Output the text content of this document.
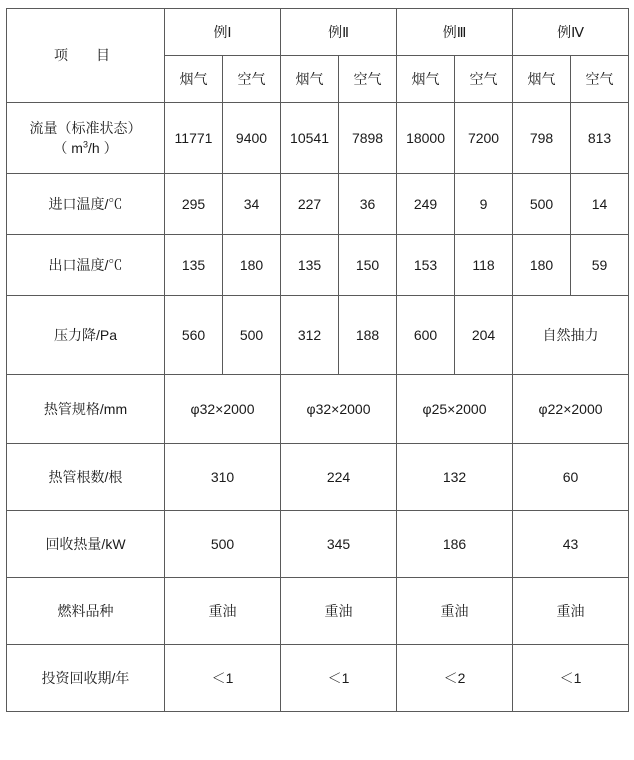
项　目	例Ⅰ		例Ⅱ		例Ⅲ		例Ⅳ	
	烟气	空气	烟气	空气	烟气	空气	烟气	空气

流量（标准状态）
（ $m^3/h$ ）	11771	9400	10541	7898	18000	7200	798	813
进口温度/℃	295	34	227	36	249	9	500	14
出口温度/℃	135	180	135	150	153	118	180	59
压力降/Pa	560	500	312	188	600	204	自然抽力	
热管规格/mm	φ32×2000		φ32×2000		φ25×2000		φ22×2000	
热管根数/根	310		224		132		60	
回收热量/kW	500		345		186		43	
燃料品种	重油		重油		重油		重油	
投资回收期/年	＜1		＜1		＜2		＜1	
